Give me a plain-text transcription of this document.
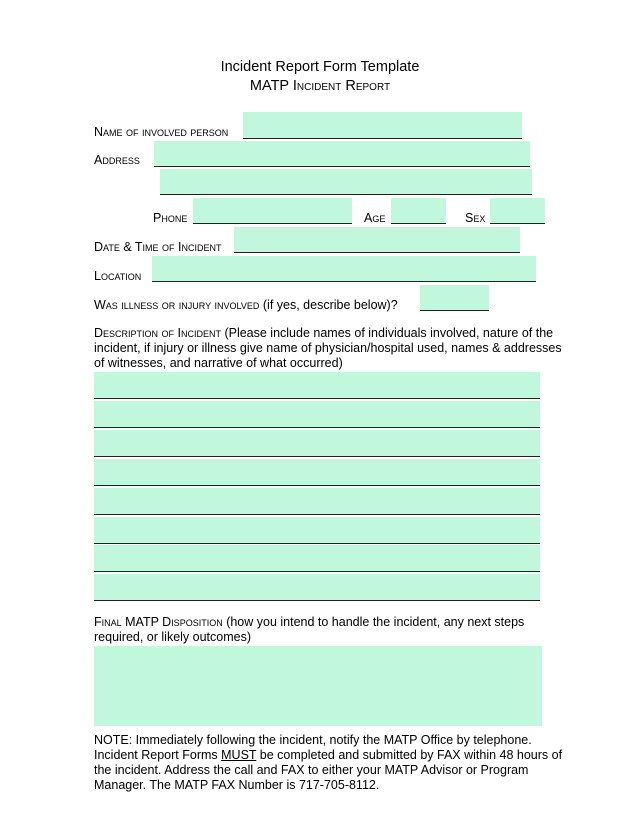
Incident Report Form Template
MATP Incident Report
Name of involved person
Address
Phone	Age	Sex
Date & Time of Incident
Location
Was illness or injury involved (if yes, describe below)?
Description of Incident (Please include names of individuals involved, nature of the incident, if injury or illness give name of physician/hospital used, names & addresses of witnesses, and narrative of what occurred)
Final MATP Disposition (how you intend to handle the incident, any next steps required, or likely outcomes)
NOTE: Immediately following the incident, notify the MATP Office by telephone. Incident Report Forms MUST be completed and submitted by FAX within 48 hours of the incident. Address the call and FAX to either your MATP Advisor or Program Manager. The MATP FAX Number is 717-705-8112.
